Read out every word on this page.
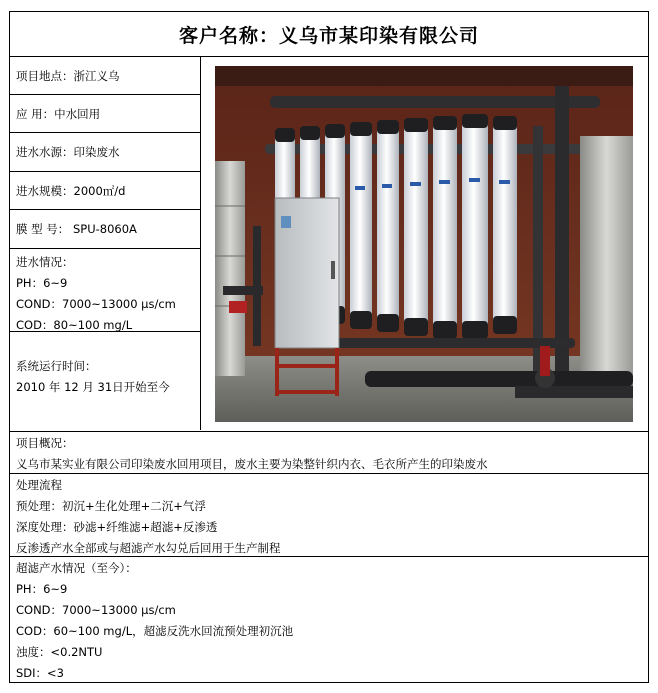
客户名称：义乌市某印染有限公司
项目地点：浙江义乌
应 用：中水回用
进水水源：印染废水
进水规模：2000㎡/d
膜 型 号： SPU-8060A
进水情况：
PH：6~9
COND：7000~13000 μs/cm
COD：80~100 mg/L
系统运行时间：
2010 年 12 月 31日开始至今
项目概况：
义乌市某实业有限公司印染废水回用项目，废水主要为染整针织内衣、毛衣所产生的印染废水
处理流程
预处理：初沉+生化处理+二沉+气浮
深度处理：砂滤+纤维滤+超滤+反渗透
反渗透产水全部或与超滤产水勾兑后回用于生产制程
超滤产水情况（至今）：
PH：6~9
COND：7000~13000 μs/cm
COD：60~100 mg/L，超滤反洗水回流预处理初沉池
浊度：<0.2NTU
SDI：<3
